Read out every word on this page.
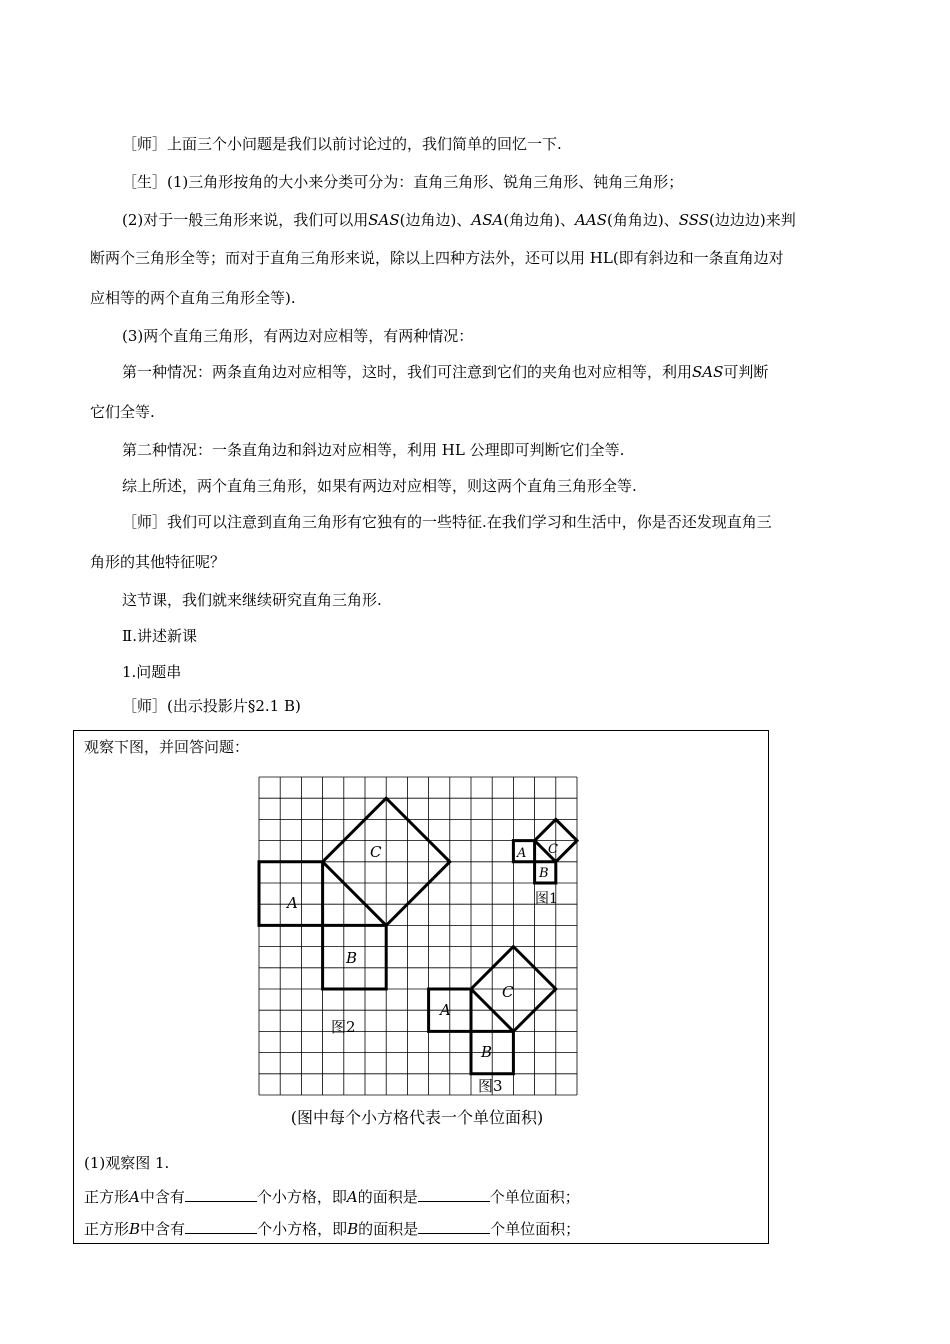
［师］上面三个小问题是我们以前讨论过的，我们简单的回忆一下.
［生］(1)三角形按角的大小来分类可分为：直角三角形、锐角三角形、钝角三角形；
(2)对于一般三角形来说，我们可以用SAS(边角边)、ASA(角边角)、AAS(角角边)、SSS(边边边)来判
断两个三角形全等；而对于直角三角形来说，除以上四种方法外，还可以用 HL(即有斜边和一条直角边对
应相等的两个直角三角形全等).
(3)两个直角三角形，有两边对应相等，有两种情况：
第一种情况：两条直角边对应相等，这时，我们可注意到它们的夹角也对应相等，利用SAS可判断
它们全等.
第二种情况：一条直角边和斜边对应相等，利用 HL 公理即可判断它们全等.
综上所述，两个直角三角形，如果有两边对应相等，则这两个直角三角形全等.
［师］我们可以注意到直角三角形有它独有的一些特征.在我们学习和生活中，你是否还发现直角三
角形的其他特征呢？
这节课，我们就来继续研究直角三角形.
Ⅱ.讲述新课
1.问题串
［师］(出示投影片§2.1 B)
观察下图，并回答问题：
A
C
B
图2
A
B
C
图1
A
C
B
图3
(图中每个小方格代表一个单位面积)
(1)观察图 1.
正方形A中含有	个小方格，即A的面积是	个单位面积；
正方形B中含有	个小方格，即B的面积是	个单位面积；
